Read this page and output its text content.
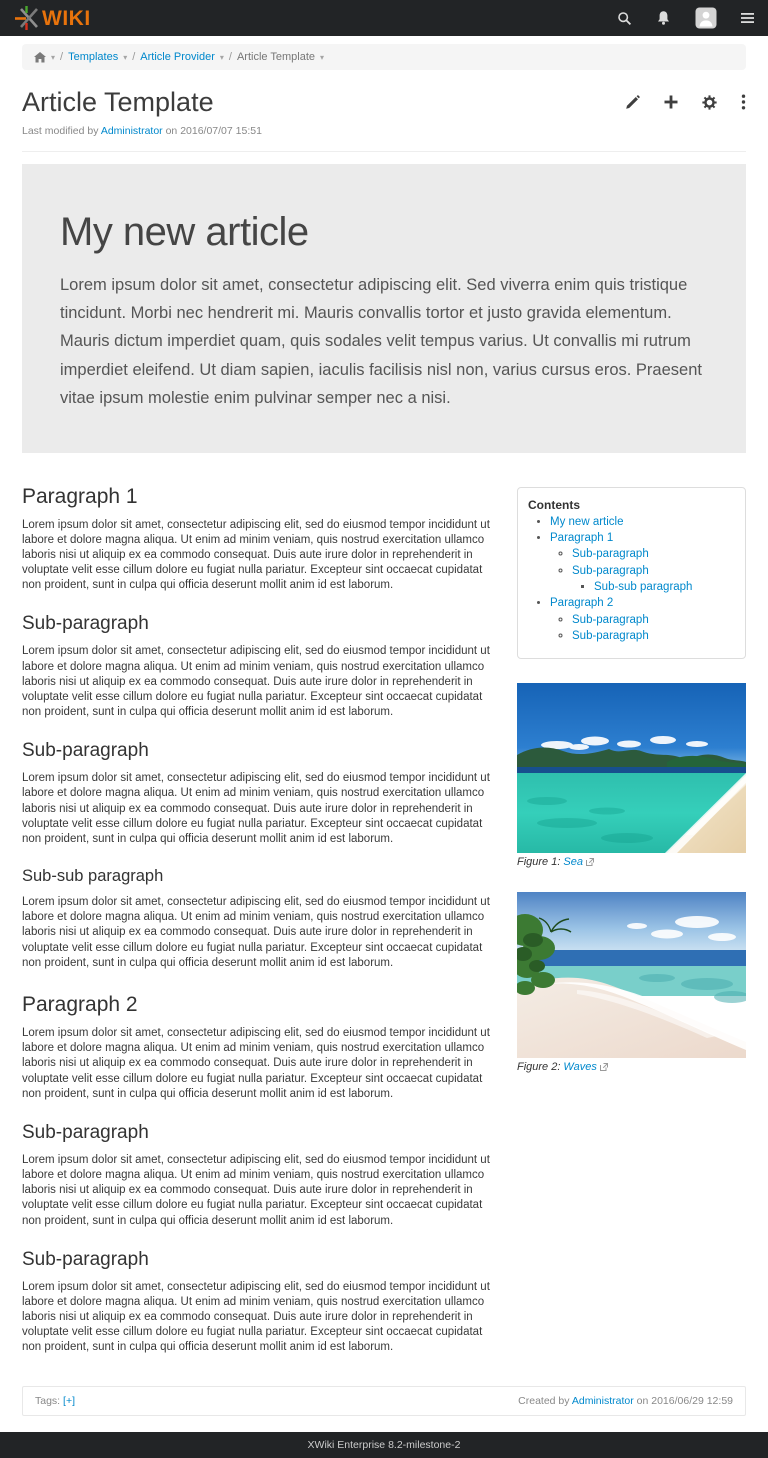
WIKI
▾ / Templates ▾ / Article Provider ▾ / Article Template ▾
Article Template
Last modified by Administrator on 2016/07/07 15:51
My new article

Lorem ipsum dolor sit amet, consectetur adipiscing elit. Sed viverra enim quis tristique tincidunt. Morbi nec hendrerit mi. Mauris convallis tortor et justo gravida elementum. Mauris dictum imperdiet quam, quis sodales velit tempus varius. Ut convallis mi rutrum imperdiet eleifend. Ut diam sapien, iaculis facilisis nisl non, varius cursus eros. Praesent vitae ipsum molestie enim pulvinar semper nec a nisi.

Paragraph 1

Lorem ipsum dolor sit amet, consectetur adipiscing elit, sed do eiusmod tempor incididunt ut labore et dolore magna aliqua. Ut enim ad minim veniam, quis nostrud exercitation ullamco laboris nisi ut aliquip ex ea commodo consequat. Duis aute irure dolor in reprehenderit in voluptate velit esse cillum dolore eu fugiat nulla pariatur. Excepteur sint occaecat cupidatat non proident, sunt in culpa qui officia deserunt mollit anim id est laborum.

Sub-paragraph

Lorem ipsum dolor sit amet, consectetur adipiscing elit, sed do eiusmod tempor incididunt ut labore et dolore magna aliqua. Ut enim ad minim veniam, quis nostrud exercitation ullamco laboris nisi ut aliquip ex ea commodo consequat. Duis aute irure dolor in reprehenderit in voluptate velit esse cillum dolore eu fugiat nulla pariatur. Excepteur sint occaecat cupidatat non proident, sunt in culpa qui officia deserunt mollit anim id est laborum.

Sub-paragraph

Lorem ipsum dolor sit amet, consectetur adipiscing elit, sed do eiusmod tempor incididunt ut labore et dolore magna aliqua. Ut enim ad minim veniam, quis nostrud exercitation ullamco laboris nisi ut aliquip ex ea commodo consequat. Duis aute irure dolor in reprehenderit in voluptate velit esse cillum dolore eu fugiat nulla pariatur. Excepteur sint occaecat cupidatat non proident, sunt in culpa qui officia deserunt mollit anim id est laborum.

Sub-sub paragraph

Lorem ipsum dolor sit amet, consectetur adipiscing elit, sed do eiusmod tempor incididunt ut labore et dolore magna aliqua. Ut enim ad minim veniam, quis nostrud exercitation ullamco laboris nisi ut aliquip ex ea commodo consequat. Duis aute irure dolor in reprehenderit in voluptate velit esse cillum dolore eu fugiat nulla pariatur. Excepteur sint occaecat cupidatat non proident, sunt in culpa qui officia deserunt mollit anim id est laborum.

Paragraph 2

Lorem ipsum dolor sit amet, consectetur adipiscing elit, sed do eiusmod tempor incididunt ut labore et dolore magna aliqua. Ut enim ad minim veniam, quis nostrud exercitation ullamco laboris nisi ut aliquip ex ea commodo consequat. Duis aute irure dolor in reprehenderit in voluptate velit esse cillum dolore eu fugiat nulla pariatur. Excepteur sint occaecat cupidatat non proident, sunt in culpa qui officia deserunt mollit anim id est laborum.

Sub-paragraph

Lorem ipsum dolor sit amet, consectetur adipiscing elit, sed do eiusmod tempor incididunt ut labore et dolore magna aliqua. Ut enim ad minim veniam, quis nostrud exercitation ullamco laboris nisi ut aliquip ex ea commodo consequat. Duis aute irure dolor in reprehenderit in voluptate velit esse cillum dolore eu fugiat nulla pariatur. Excepteur sint occaecat cupidatat non proident, sunt in culpa qui officia deserunt mollit anim id est laborum.

Sub-paragraph

Lorem ipsum dolor sit amet, consectetur adipiscing elit, sed do eiusmod tempor incididunt ut labore et dolore magna aliqua. Ut enim ad minim veniam, quis nostrud exercitation ullamco laboris nisi ut aliquip ex ea commodo consequat. Duis aute irure dolor in reprehenderit in voluptate velit esse cillum dolore eu fugiat nulla pariatur. Excepteur sint occaecat cupidatat non proident, sunt in culpa qui officia deserunt mollit anim id est laborum.

Contents
• My new article
• Paragraph 1
◦ Sub-paragraph
◦ Sub-paragraph
▪ Sub-sub paragraph
• Paragraph 2
◦ Sub-paragraph
◦ Sub-paragraph
Figure 1: Sea
Figure 2: Waves
Tags: [+]	Created by Administrator on 2016/06/29 12:59
XWiki Enterprise 8.2-milestone-2
